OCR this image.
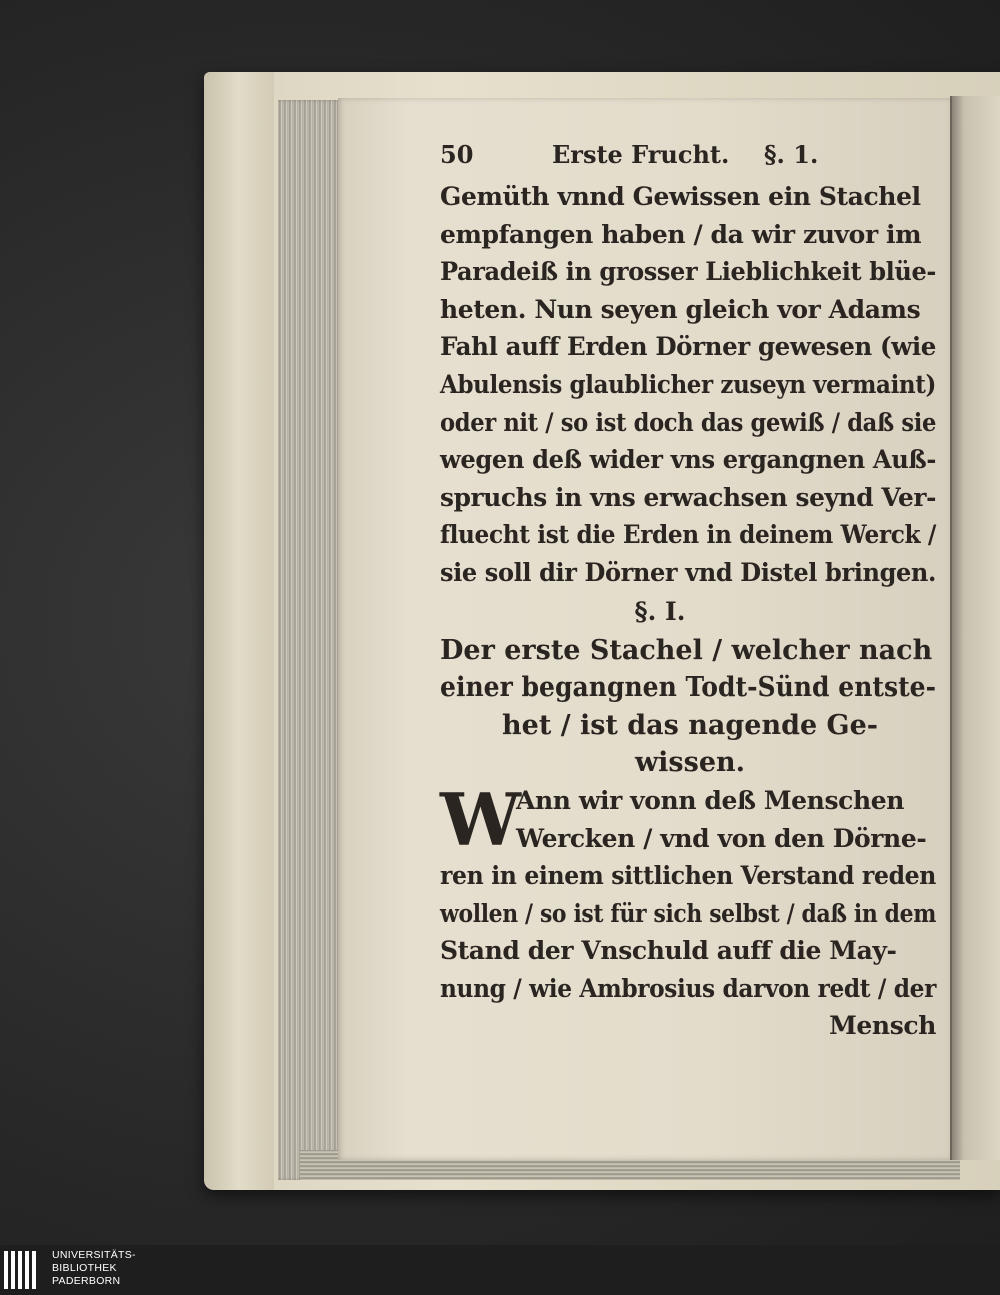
50	Erste Frucht. §. 1.
Gemüth vnnd Gewissen ein Stachel
empfangen haben / da wir zuvor im
Paradeiß in grosser Lieblichkeit blüe-
heten. Nun seyen gleich vor Adams
Fahl auff Erden Dörner gewesen (wie
Abulensis glaublicher zuseyn vermaint)
oder nit / so ist doch das gewiß / daß sie
wegen deß wider vns ergangnen Auß-
spruchs in vns erwachsen seynd Ver-
fluecht ist die Erden in deinem Werck /
sie soll dir Dörner vnd Distel bringen.
§. I.
Der erste Stachel / welcher nach
einer begangnen Todt-Sünd entste-
het / ist das nagende Ge-
wissen.
W
Ann wir vonn deß Menschen
Wercken / vnd von den Dörne-
ren in einem sittlichen Verstand reden
wollen / so ist für sich selbst / daß in dem
Stand der Vnschuld auff die May-
nung / wie Ambrosius darvon redt / der
Mensch
UNIVERSITÄTS-
BIBLIOTHEK
PADERBORN
